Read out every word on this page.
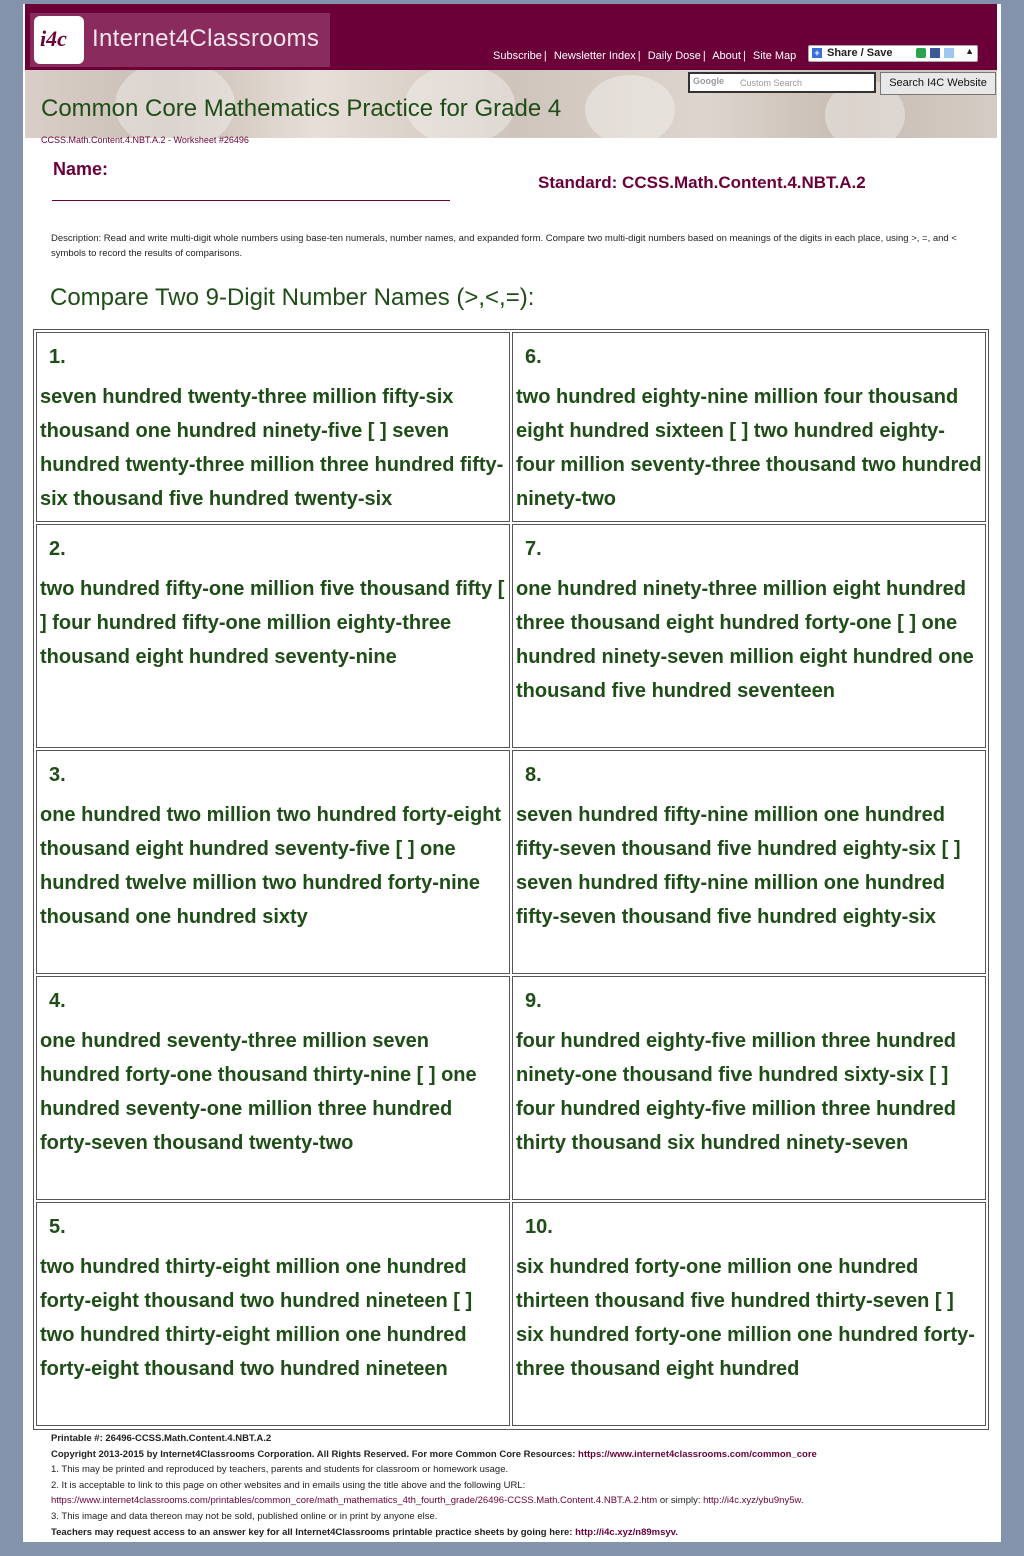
i4c Internet4Classrooms
Subscribe | Newsletter Index | Daily Dose | About | Site Map + Share / Save	▲

Google Custom Search	Search I4C Website
Common Core Mathematics Practice for Grade 4
CCSS.Math.Content.4.NBT.A.2 - Worksheet #26496
Name:
Standard: CCSS.Math.Content.4.NBT.A.2
Description: Read and write multi-digit whole numbers using base-ten numerals, number names, and expanded form. Compare two multi-digit numbers based on meanings of the digits in each place, using >, =, and < symbols to record the results of comparisons.
Compare Two 9-Digit Number Names (>,<,=):
1.
seven hundred twenty-three million fifty-six thousand one hundred ninety-five [ ] seven hundred twenty-three million three hundred fifty-six thousand five hundred twenty-six
2.
two hundred fifty-one million five thousand fifty [ ] four hundred fifty-one million eighty-three thousand eight hundred seventy-nine
3.
one hundred two million two hundred forty-eight thousand eight hundred seventy-five [ ] one hundred twelve million two hundred forty-nine thousand one hundred sixty
4.
one hundred seventy-three million seven hundred forty-one thousand thirty-nine [ ] one hundred seventy-one million three hundred forty-seven thousand twenty-two
5.
two hundred thirty-eight million one hundred forty-eight thousand two hundred nineteen [ ] two hundred thirty-eight million one hundred forty-eight thousand two hundred nineteen
6.
two hundred eighty-nine million four thousand eight hundred sixteen [ ] two hundred eighty-four million seventy-three thousand two hundred ninety-two
7.
one hundred ninety-three million eight hundred three thousand eight hundred forty-one [ ] one hundred ninety-seven million eight hundred one thousand five hundred seventeen
8.
seven hundred fifty-nine million one hundred fifty-seven thousand five hundred eighty-six [ ] seven hundred fifty-nine million one hundred fifty-seven thousand five hundred eighty-six
9.
four hundred eighty-five million three hundred ninety-one thousand five hundred sixty-six [ ] four hundred eighty-five million three hundred thirty thousand six hundred ninety-seven
10.
six hundred forty-one million one hundred thirteen thousand five hundred thirty-seven [ ] six hundred forty-one million one hundred forty-three thousand eight hundred
Printable #: 26496-CCSS.Math.Content.4.NBT.A.2
Copyright 2013-2015 by Internet4Classrooms Corporation. All Rights Reserved. For more Common Core Resources: https://www.internet4classrooms.com/common_core
1. This may be printed and reproduced by teachers, parents and students for classroom or homework usage.
2. It is acceptable to link to this page on other websites and in emails using the title above and the following URL:
https://www.internet4classrooms.com/printables/common_core/math_mathematics_4th_fourth_grade/26496-CCSS.Math.Content.4.NBT.A.2.htm or simply: http://i4c.xyz/ybu9ny5w.
3. This image and data thereon may not be sold, published online or in print by anyone else.
Teachers may request access to an answer key for all Internet4Classrooms printable practice sheets by going here: http://i4c.xyz/n89msyv.
